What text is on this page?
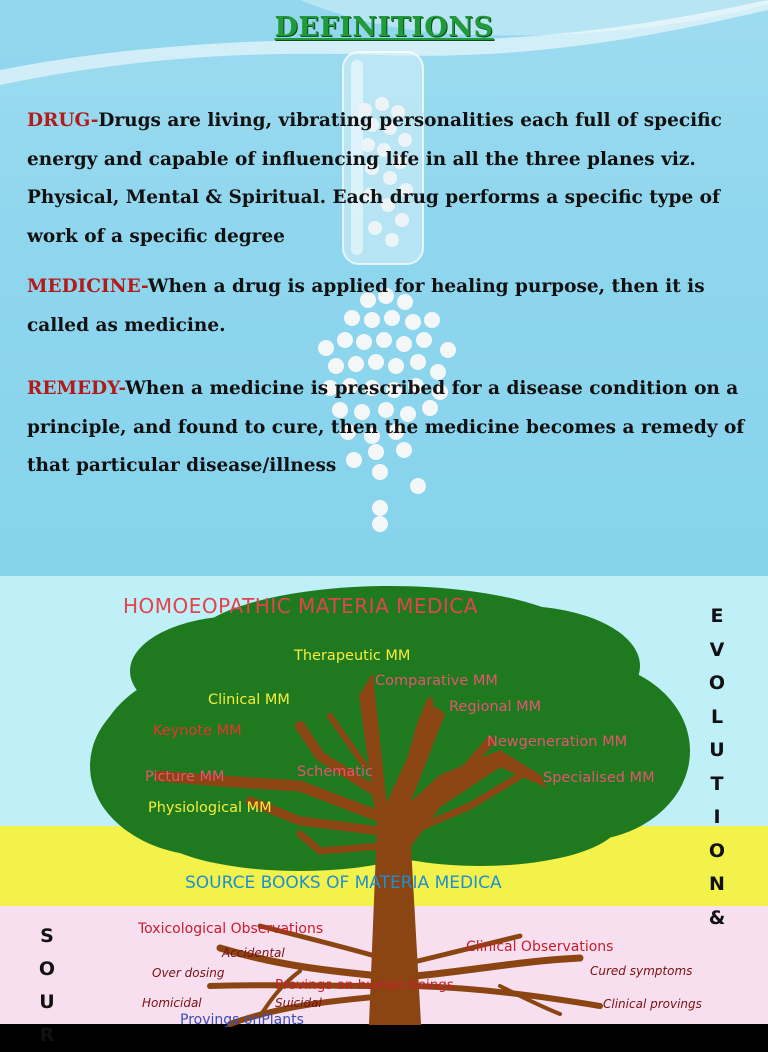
DEFINITIONS
DRUG-Drugs are living, vibrating personalities each full of specific energy and capable of influencing life in all the three planes viz. Physical, Mental & Spiritual. Each drug performs a specific type of work of a specific degree
MEDICINE-When a drug is applied for healing purpose, then it is called as medicine.
REMEDY-When a medicine is prescribed for a disease condition on a principle, and found to cure, then the medicine becomes a remedy of that particular disease/illness
HOMOEOPATHIC MATERIA MEDICA	E
V
O
L
U
T
I
O
N
&
S
O
U
R
Therapeutic MM
Comparative MM
Clinical MM	Regional MM
Keynote MM
Newgeneration MM
Picture MM	Schematic	Specialised MM
Physiological MM
SOURCE BOOKS OF MATERIA MEDICA
Toxicological Observations
Clinical Observations
Provings on human beings
Provings onPlants
Accidental
Over dosing
Homicidal	Suicidal
Cured symptoms
Clinical provings
